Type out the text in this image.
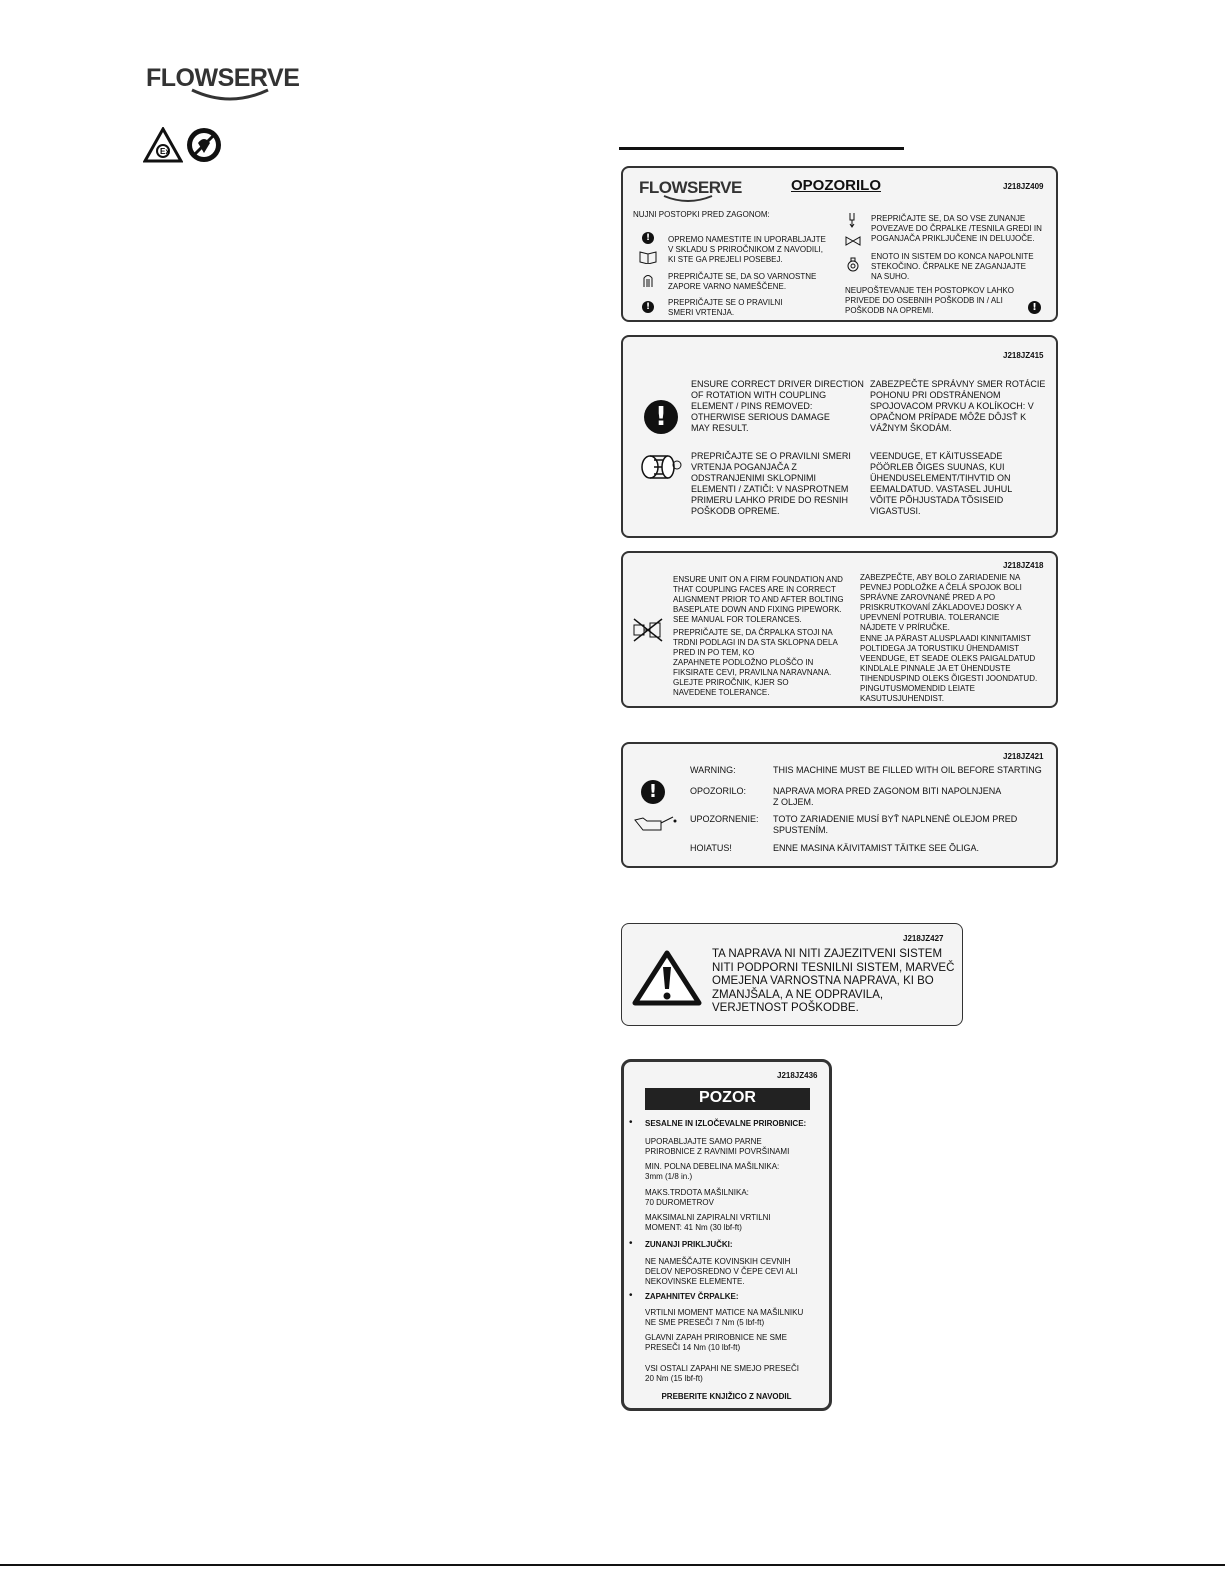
FLOWSERVE
Ex
FLOWSERVE	OPOZORILO	J218JZ409
NUJNI POSTOPKI PRED ZAGONOM:
!	OPREMO NAMESTITE IN UPORABLJAJTE
V SKLADU S PRIROČNIKOM Z NAVODILI,
KI STE GA PREJELI POSEBEJ.
PREPRIČAJTE SE, DA SO VARNOSTNE
ZAPORE VARNO NAMEŠČENE.
!	PREPRIČAJTE SE O PRAVILNI
SMERI VRTENJA.
PREPRIČAJTE SE, DA SO VSE ZUNANJE
POVEZAVE DO ČRPALKE /TESNILA GREDI IN
POGANJAČA PRIKLJUČENE IN DELUJOČE.
ENOTO IN SISTEM DO KONCA NAPOLNITE
STEKOČINO. ČRPALKE NE ZAGANJAJTE
NA SUHO.
NEUPOŠTEVANJE TEH POSTOPKOV LAHKO
PRIVEDE DO OSEBNIH POŠKODB IN / ALI
POŠKODB NA OPREMI.	!
J218JZ415
!
ENSURE CORRECT DRIVER DIRECTION
OF ROTATION WITH COUPLING
ELEMENT / PINS REMOVED:
OTHERWISE SERIOUS DAMAGE
MAY RESULT.
ZABEZPEČTE SPRÁVNY SMER ROTÁCIE
POHONU PRI ODSTRÁNENOM
SPOJOVACOM PRVKU A KOLÍKOCH: V
OPAČNOM PRÍPADE MÔŽE DÔJSŤ K
VÁŽNYM ŠKODÁM.
PREPRIČAJTE SE O PRAVILNI SMERI
VRTENJA POGANJAČA Z
ODSTRANJENIMI SKLOPNIMI
ELEMENTI / ZATIČI: V NASPROTNEM
PRIMERU LAHKO PRIDE DO RESNIH
POŠKODB OPREME.
VEENDUGE, ET KÄITUSSEADE
PÖÖRLEB ÕIGES SUUNAS, KUI
ÜHENDUSELEMENT/TIHVTID ON
EEMALDATUD. VASTASEL JUHUL
VÕITE PÕHJUSTADA TÕSISEID
VIGASTUSI.
J218JZ418
ENSURE UNIT ON A FIRM FOUNDATION AND
THAT COUPLING FACES ARE IN CORRECT
ALIGNMENT PRIOR TO AND AFTER BOLTING
BASEPLATE DOWN AND FIXING PIPEWORK.
SEE MANUAL FOR TOLERANCES.
PREPRIČAJTE SE, DA ČRPALKA STOJI NA
TRDNI PODLAGI IN DA STA SKLOPNA DELA
PRED IN PO TEM, KO
ZAPAHNETE PODLOŽNO PLOŠČO IN
FIKSIRATE CEVI, PRAVILNA NARAVNANA.
GLEJTE PRIROČNIK, KJER SO
NAVEDENE TOLERANCE.
ZABEZPEČTE, ABY BOLO ZARIADENIE NA
PEVNEJ PODLOŽKE A ČELÁ SPOJOK BOLI
SPRÁVNE ZAROVNANÉ PRED A PO
PRISKRUTKOVANÍ ZÁKLADOVEJ DOSKY A
UPEVNENÍ POTRUBIA. TOLERANCIE
NÁJDETE V PRÍRUČKE.
ENNE JA PÄRAST ALUSPLAADI KINNITAMIST
POLTIDEGA JA TORUSTIKU ÜHENDAMIST
VEENDUGE, ET SEADE OLEKS PAIGALDATUD
KINDLALE PINNALE JA ET ÜHENDUSTE
TIHENDUSPIND OLEKS ÕIGESTI JOONDATUD.
PINGUTUSMOMENDID LEIATE
KASUTUSJUHENDIST.
J218JZ421
!
WARNING:	THIS MACHINE MUST BE FILLED WITH OIL BEFORE STARTING
OPOZORILO:	NAPRAVA MORA PRED ZAGONOM BITI NAPOLNJENA
Z OLJEM.
UPOZORNENIE: TOTO ZARIADENIE MUSÍ BYŤ NAPLNENÉ OLEJOM PRED
SPUSTENÍM.
HOIATUS!	ENNE MASINA KÄIVITAMIST TÄITKE SEE ÕLIGA.
J218JZ427
TA NAPRAVA NI NITI ZAJEZITVENI SISTEM
NITI PODPORNI TESNILNI SISTEM, MARVEČ
OMEJENA VARNOSTNA NAPRAVA, KI BO
ZMANJŠALA, A NE ODPRAVILA,
VERJETNOST POŠKODBE.
J218JZ436
POZOR
• SESALNE IN IZLOČEVALNE PRIROBNICE:
UPORABLJAJTE SAMO PARNE
PRIROBNICE Z RAVNIMI POVRŠINAMI
MIN. POLNA DEBELINA MAŠILNIKA:
3mm (1/8 in.)
MAKS.TRDOTA MAŠILNIKA:
70 DUROMETROV
MAKSIMALNI ZAPIRALNI VRTILNI
MOMENT: 41 Nm (30 lbf-ft)
• ZUNANJI PRIKLJUČKI:
NE NAMEŠČAJTE KOVINSKIH CEVNIH
DELOV NEPOSREDNO V ČEPE CEVI ALI
NEKOVINSKE ELEMENTE.
• ZAPAHNITEV ČRPALKE:
VRTILNI MOMENT MATICE NA MAŠILNIKU
NE SME PRESEČI 7 Nm (5 lbf-ft)
GLAVNI ZAPAH PRIROBNICE NE SME
PRESEČI 14 Nm (10 lbf-ft)
VSI OSTALI ZAPAHI NE SMEJO PRESEČI
20 Nm (15 lbf-ft)
PREBERITE KNJIŽICO Z NAVODIL
